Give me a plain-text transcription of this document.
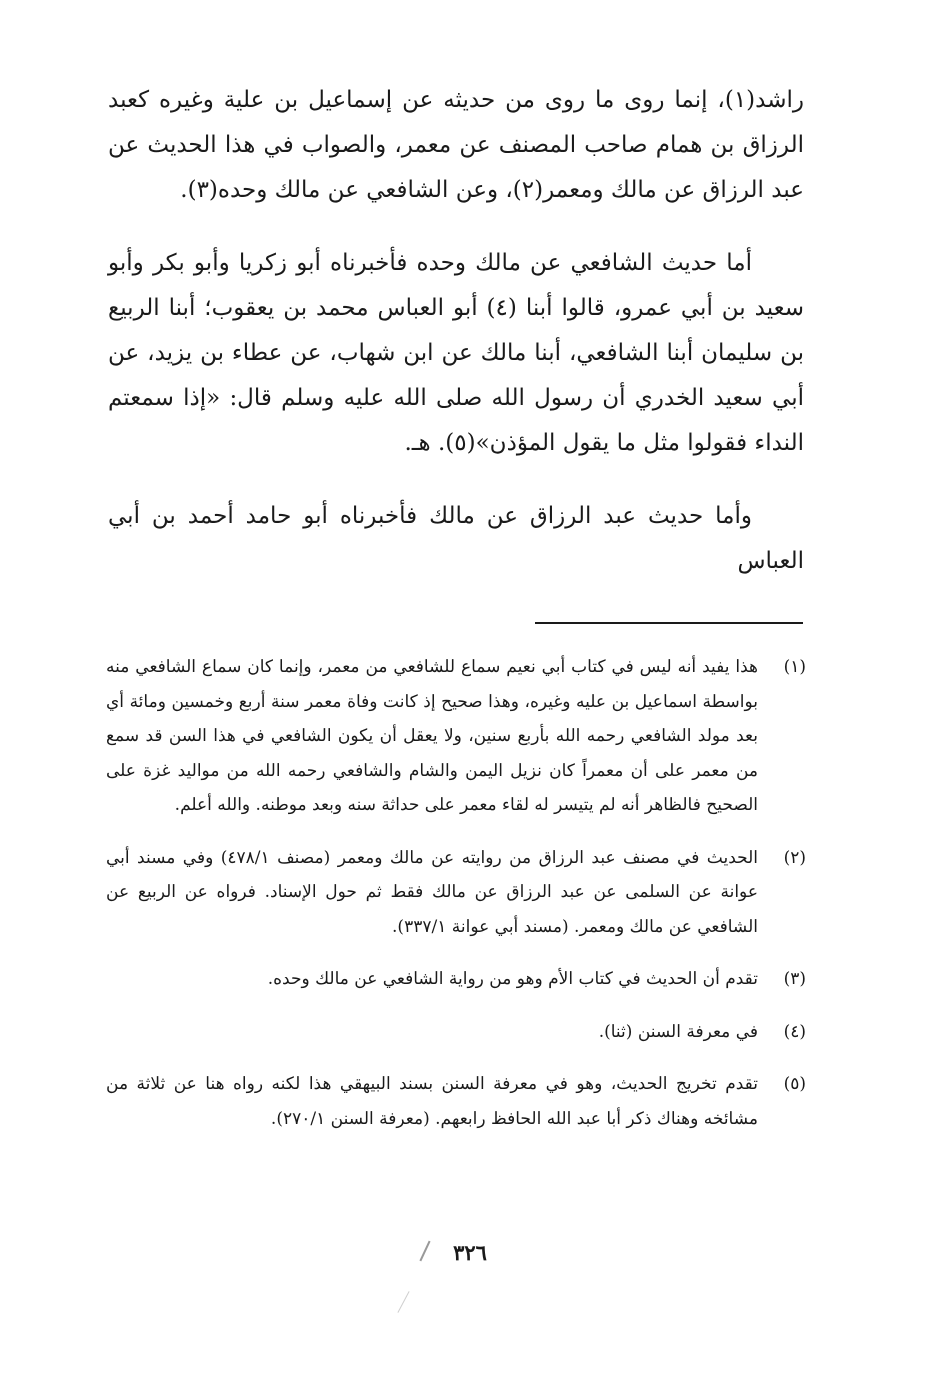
راشد(١)، إنما روى ما روى من حديثه عن إسماعيل بن علية وغيره كعبد الرزاق بن همام صاحب المصنف عن معمر، والصواب في هذا الحديث عن عبد الرزاق عن مالك ومعمر(٢)، وعن الشافعي عن مالك وحده(٣).

أما حديث الشافعي عن مالك وحده فأخبرناه أبو زكريا وأبو بكر وأبو سعيد بن أبي عمرو، قالوا أبنا (٤) أبو العباس محمد بن يعقوب؛ أبنا الربيع بن سليمان أبنا الشافعي، أبنا مالك عن ابن شهاب، عن عطاء بن يزيد، عن أبي سعيد الخدري أن رسول الله صلى الله عليه وسلم قال: «إذا سمعتم النداء فقولوا مثل ما يقول المؤذن»(٥). هـ.

وأما حديث عبد الرزاق عن مالك فأخبرناه أبو حامد أحمد بن أبي العباس

(١)
هذا يفيد أنه ليس في كتاب أبي نعيم سماع للشافعي من معمر، وإنما كان سماع الشافعي منه بواسطة اسماعيل بن عليه وغيره، وهذا صحيح إذ كانت وفاة معمر سنة أربع وخمسين ومائة أي بعد مولد الشافعي رحمه الله بأربع سنين، ولا يعقل أن يكون الشافعي في هذا السن قد سمع من معمر على أن معمراً كان نزيل اليمن والشام والشافعي رحمه الله من مواليد غزة على الصحيح فالظاهر أنه لم يتيسر له لقاء معمر على حداثة سنه وبعد موطنه. والله أعلم.
(٢)
الحديث في مصنف عبد الرزاق من روايته عن مالك ومعمر (مصنف ٤٧٨/١) وفي مسند أبي عوانة عن السلمى عن عبد الرزاق عن مالك فقط ثم حول الإسناد. فرواه عن الربيع عن الشافعي عن مالك ومعمر. (مسند أبي عوانة ٣٣٧/١).
(٣)
تقدم أن الحديث في كتاب الأم وهو من رواية الشافعي عن مالك وحده.
(٤)
في معرفة السنن (ثنا).
(٥)
تقدم تخريج الحديث، وهو في معرفة السنن بسند البيهقي هذا لكنه رواه هنا عن ثلاثة من مشائخه وهناك ذكر أبا عبد الله الحافظ رابعهم. (معرفة السنن ٢٧٠/١).
٣٢٦
